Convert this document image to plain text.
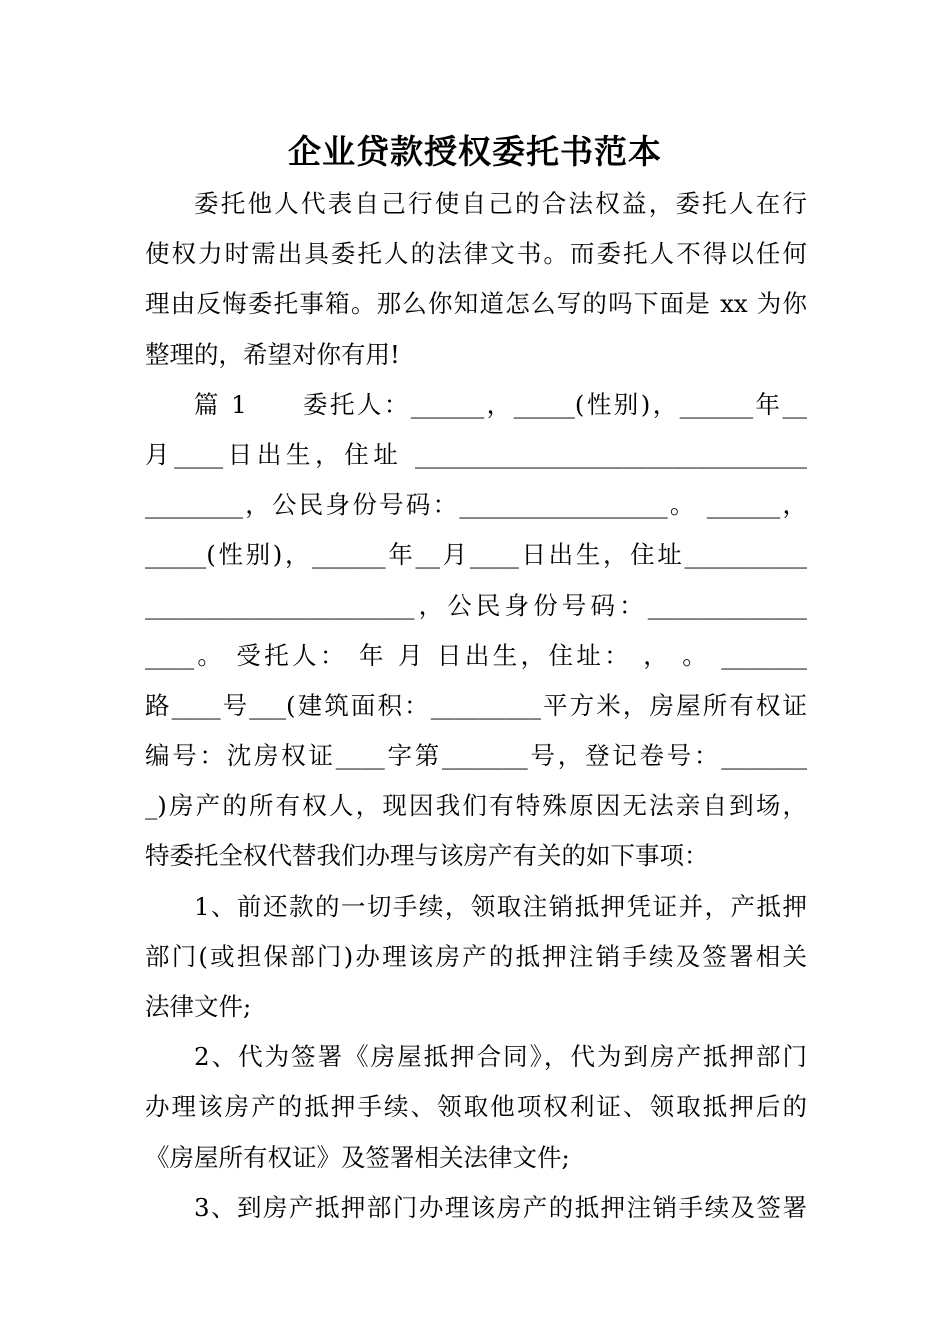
企业贷款授权委托书范本
委托他人代表自己行使自己的合法权益，委托人在行
使权力时需出具委托人的法律文书。而委托人不得以任何
理由反悔委托事箱。那么你知道怎么写的吗下面是 xx 为你
整理的，希望对你有用!
篇 1　　委托人：______，_____(性别)，______年__
月____日出生，住址 ________________________________
________，公民身份号码：_________________。 ______，
_____(性别)，______年__月____日出生，住址__________
______________________，公民身份号码：_____________
____。 受托人： 年 月 日出生，住址： ， 。 _______
路____号___(建筑面积：_________平方米，房屋所有权证
编号：沈房权证____字第_______号，登记卷号：_______
_)房产的所有权人，现因我们有特殊原因无法亲自到场，
特委托全权代替我们办理与该房产有关的如下事项：
1、前还款的一切手续，领取注销抵押凭证并，产抵押
部门(或担保部门)办理该房产的抵押注销手续及签署相关
法律文件;
2、代为签署《房屋抵押合同》，代为到房产抵押部门
办理该房产的抵押手续、领取他项权利证、领取抵押后的
《房屋所有权证》及签署相关法律文件;
3、到房产抵押部门办理该房产的抵押注销手续及签署
